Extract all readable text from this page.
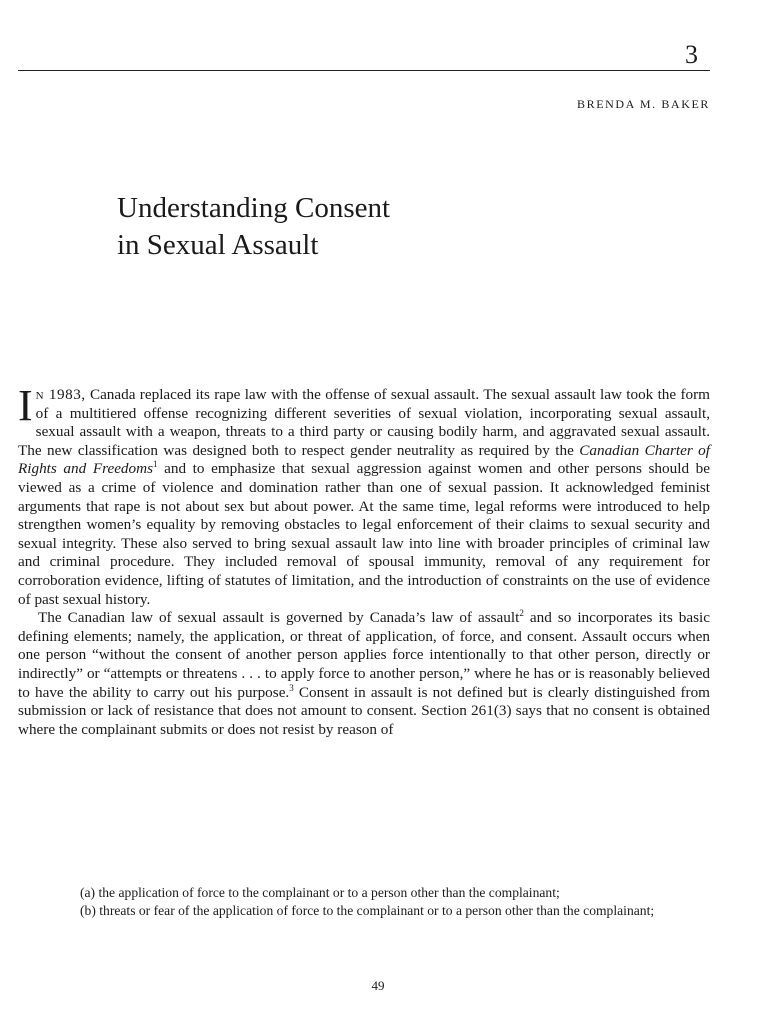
3
BRENDA M. BAKER
Understanding Consent
in Sexual Assault

In 1983, Canada replaced its rape law with the offense of sexual assault. The sexual assault law took the form of a multitiered offense recognizing different severities of sexual violation, incorporating sexual assault, sexual assault with a weapon, threats to a third party or causing bodily harm, and aggravated sexual assault. The new classification was designed both to respect gender neutrality as required by the Canadian Charter of Rights and Freedoms$^1$ and to emphasize that sexual aggression against women and other persons should be viewed as a crime of violence and domination rather than one of sexual passion. It acknowledged feminist arguments that rape is not about sex but about power. At the same time, legal reforms were introduced to help strengthen women’s equality by removing obstacles to legal enforcement of their claims to sexual security and sexual integrity. These also served to bring sexual assault law into line with broader principles of criminal law and criminal procedure. They included removal of spousal immunity, removal of any requirement for corroboration evidence, lifting of statutes of limitation, and the introduction of constraints on the use of evidence of past sexual history.

The Canadian law of sexual assault is governed by Canada’s law of assault$^2$ and so incorporates its basic defining elements; namely, the application, or threat of application, of force, and consent. Assault occurs when one person “without the consent of another person applies force intentionally to that other person, directly or indirectly” or “attempts or threatens . . . to apply force to another person,” where he has or is reasonably believed to have the ability to carry out his purpose.$^3$ Consent in assault is not defined but is clearly distinguished from submission or lack of resistance that does not amount to consent. Section 261(3) says that no consent is obtained where the complainant submits or does not resist by reason of

(a) the application of force to the complainant or to a person other than the complainant;

(b) threats or fear of the application of force to the complainant or to a person other than the complainant;

49
